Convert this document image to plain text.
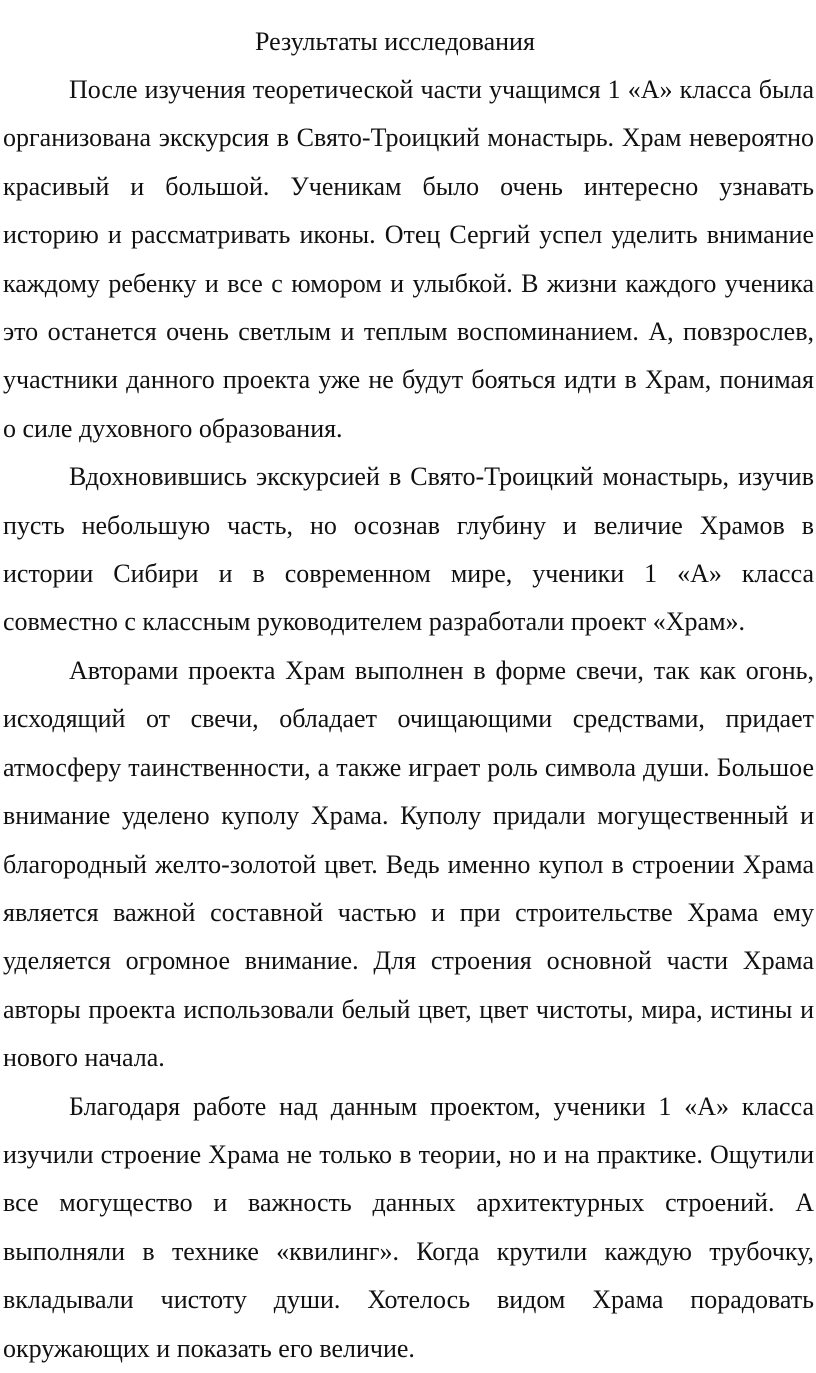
Результаты исследования

После изучения теоретической части учащимся 1 «А» класса была организована экскурсия в Свято-Троицкий монастырь. Храм невероятно красивый и большой. Ученикам было очень интересно узнавать историю и рассматривать иконы. Отец Сергий успел уделить внимание каждому ребенку и все с юмором и улыбкой. В жизни каждого ученика это останется очень светлым и теплым воспоминанием. А, повзрослев, участники данного проекта уже не будут бояться идти в Храм, понимая о силе духовного образования.

Вдохновившись экскурсией в Свято-Троицкий монастырь, изучив пусть небольшую часть, но осознав глубину и величие Храмов в истории Сибири и в современном мире, ученики 1 «А» класса совместно с классным руководителем разработали проект «Храм».

Авторами проекта Храм выполнен в форме свечи, так как огонь, исходящий от свечи, обладает очищающими средствами, придает атмосферу таинственности, а также играет роль символа души. Большое внимание уделено куполу Храма. Куполу придали могущественный и благородный желто-золотой цвет. Ведь именно купол в строении Храма является важной составной частью и при строительстве Храма ему уделяется огромное внимание. Для строения основной части Храма авторы проекта использовали белый цвет, цвет чистоты, мира, истины и нового начала.

Благодаря работе над данным проектом, ученики 1 «А» класса изучили строение Храма не только в теории, но и на практике. Ощутили все могущество и важность данных архитектурных строений. А выполняли в технике «квилинг». Когда крутили каждую трубочку, вкладывали чистоту души. Хотелось видом Храма порадовать окружающих и показать его величие.
